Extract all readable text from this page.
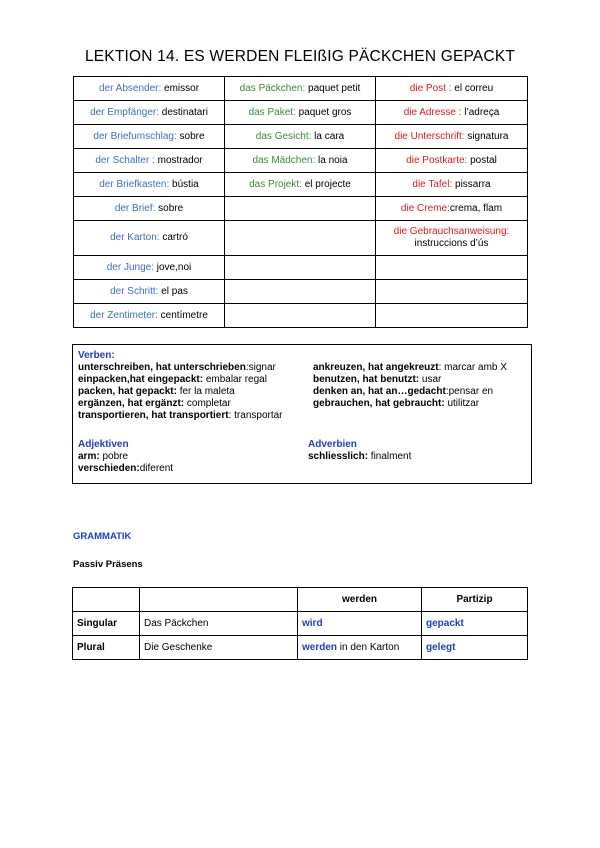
LEKTION 14. ES WERDEN FLEIßIG PÄCKCHEN GEPACKT
der Absender: emissor	das Päckchen: paquet petit	die Post : el correu
der Empfänger: destinatari	das Paket: paquet gros	die Adresse : l’adreça
der Briefumschlag: sobre	das Gesicht: la cara	die Unterschrift: signatura
der Schalter : mostrador	das Mädchen: la noia	die Postkarte: postal
der Briefkasten: bústia	das Projekt: el projecte	die Tafel: pissarra
der Brief: sobre		die Creme:crema, flam
der Karton: cartró		die Gebrauchsanweisung:
instruccions d’ús
der Junge: jove,noi		
der Schritt: el pas		
der Zentimeter: centímetre		
Verben:
unterschreiben, hat unterschrieben:signar
einpacken,hat eingepackt: embalar regal
packen, hat gepackt: fer la maleta
ergänzen, hat ergänzt: completar
transportieren, hat transportiert: transportar
ankreuzen, hat angekreuzt: marcar amb X
benutzen, hat benutzt: usar
denken an, hat an…gedacht:pensar en
gebrauchen, hat gebraucht: utilitzar
Adjektiven
arm: pobre
verschieden:diferent
Adverbien
schliesslich: finalment
GRAMMATIK
Passiv Präsens
		werden	Partizip
Singular	Das Päckchen	wird	gepackt
Plural	Die Geschenke	werden in den Karton	gelegt
